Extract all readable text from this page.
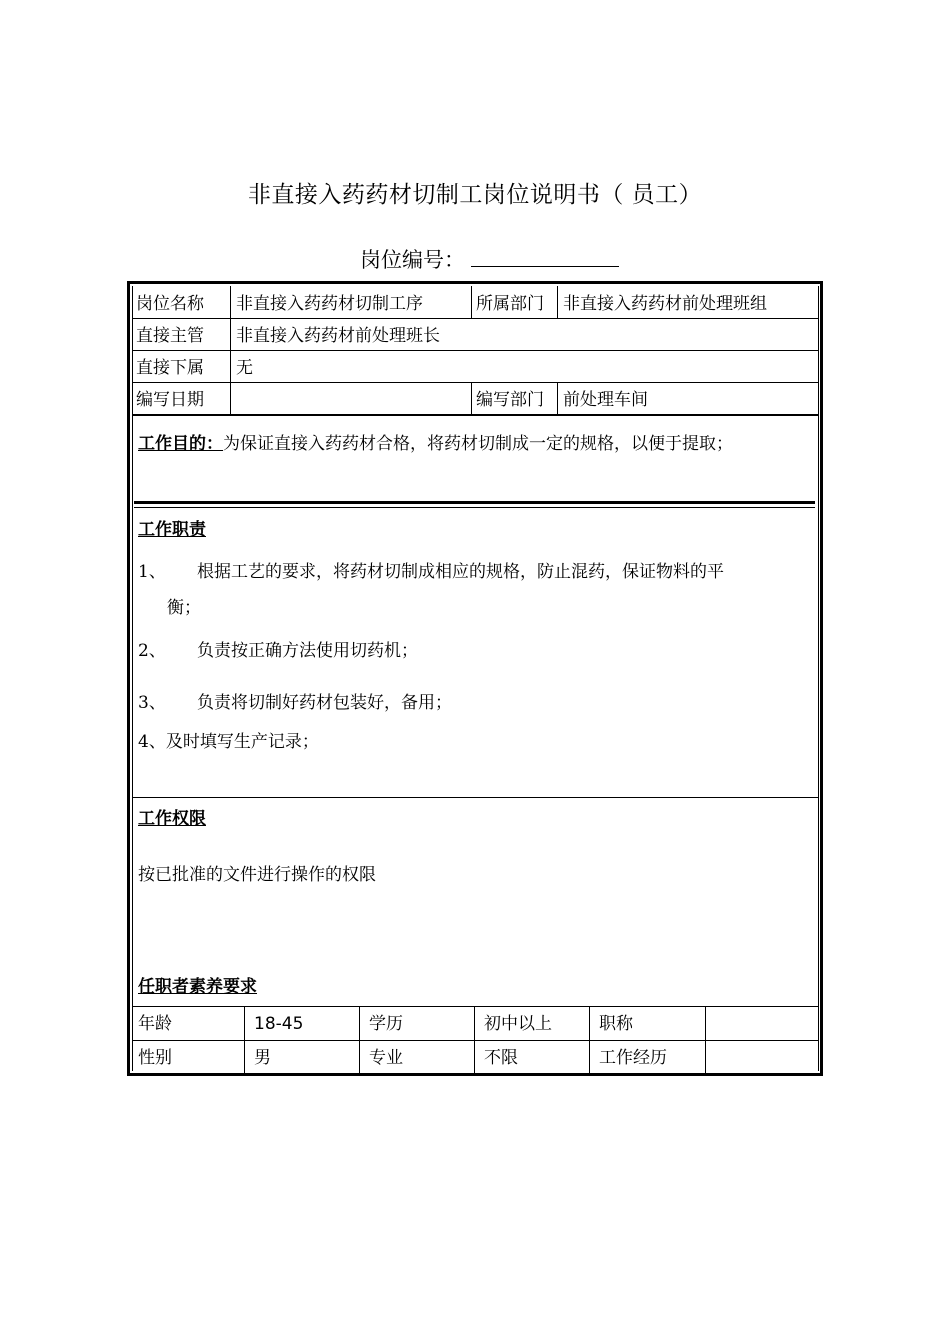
非直接入药药材切制工岗位说明书（ 员工）
岗位编号：
岗位名称 非直接入药药材切制工序	所属部门 非直接入药药材前处理班组
直接主管 非直接入药药材前处理班长
直接下属 无
编写日期	编写部门 前处理车间
工作目的：为保证直接入药药材合格，将药材切制成一定的规格，以便于提取；
工作职责
1、 根据工艺的要求，将药材切制成相应的规格，防止混药，保证物料的平
衡；
2、 负责按正确方法使用切药机；
3、 负责将切制好药材包装好，备用；
4、及时填写生产记录；
工作权限
按已批准的文件进行操作的权限
任职者素养要求
年龄	18-45	学历	初中以上	职称
性别	男	专业	不限	工作经历
